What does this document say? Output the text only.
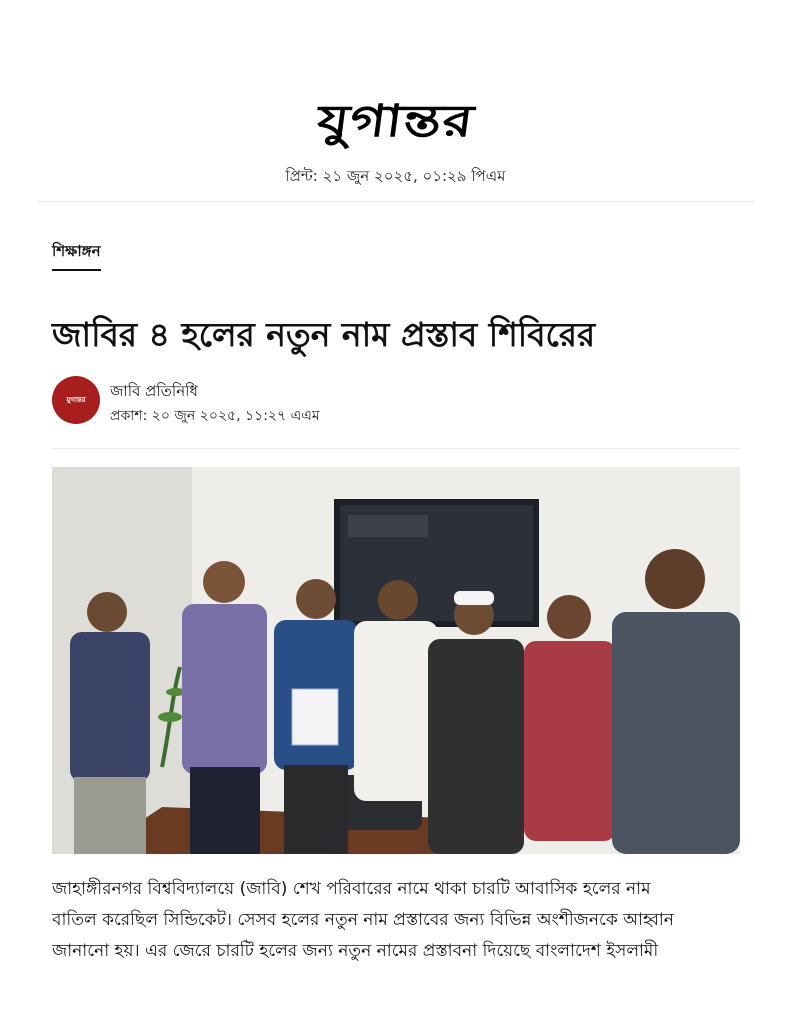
যুগান্তর
প্রিন্ট: ২১ জুন ২০২৫, ০১:২৯ পিএম
শিক্ষাঙ্গন
জাবির ৪ হলের নতুন নাম প্রস্তাব শিবিরের
যুগান্তর জাবি প্রতিনিধি
প্রকাশ: ২০ জুন ২০২৫, ১১:২৭ এএম

জাহাঙ্গীরনগর বিশ্ববিদ্যালয়ে (জাবি) শেখ পরিবারের নামে থাকা চারটি আবাসিক হলের নাম

বাতিল করেছিল সিন্ডিকেট। সেসব হলের নতুন নাম প্রস্তাবের জন্য বিভিন্ন অংশীজনকে আহ্বান

জানানো হয়। এর জেরে চারটি হলের জন্য নতুন নামের প্রস্তাবনা দিয়েছে বাংলাদেশ ইসলামী
